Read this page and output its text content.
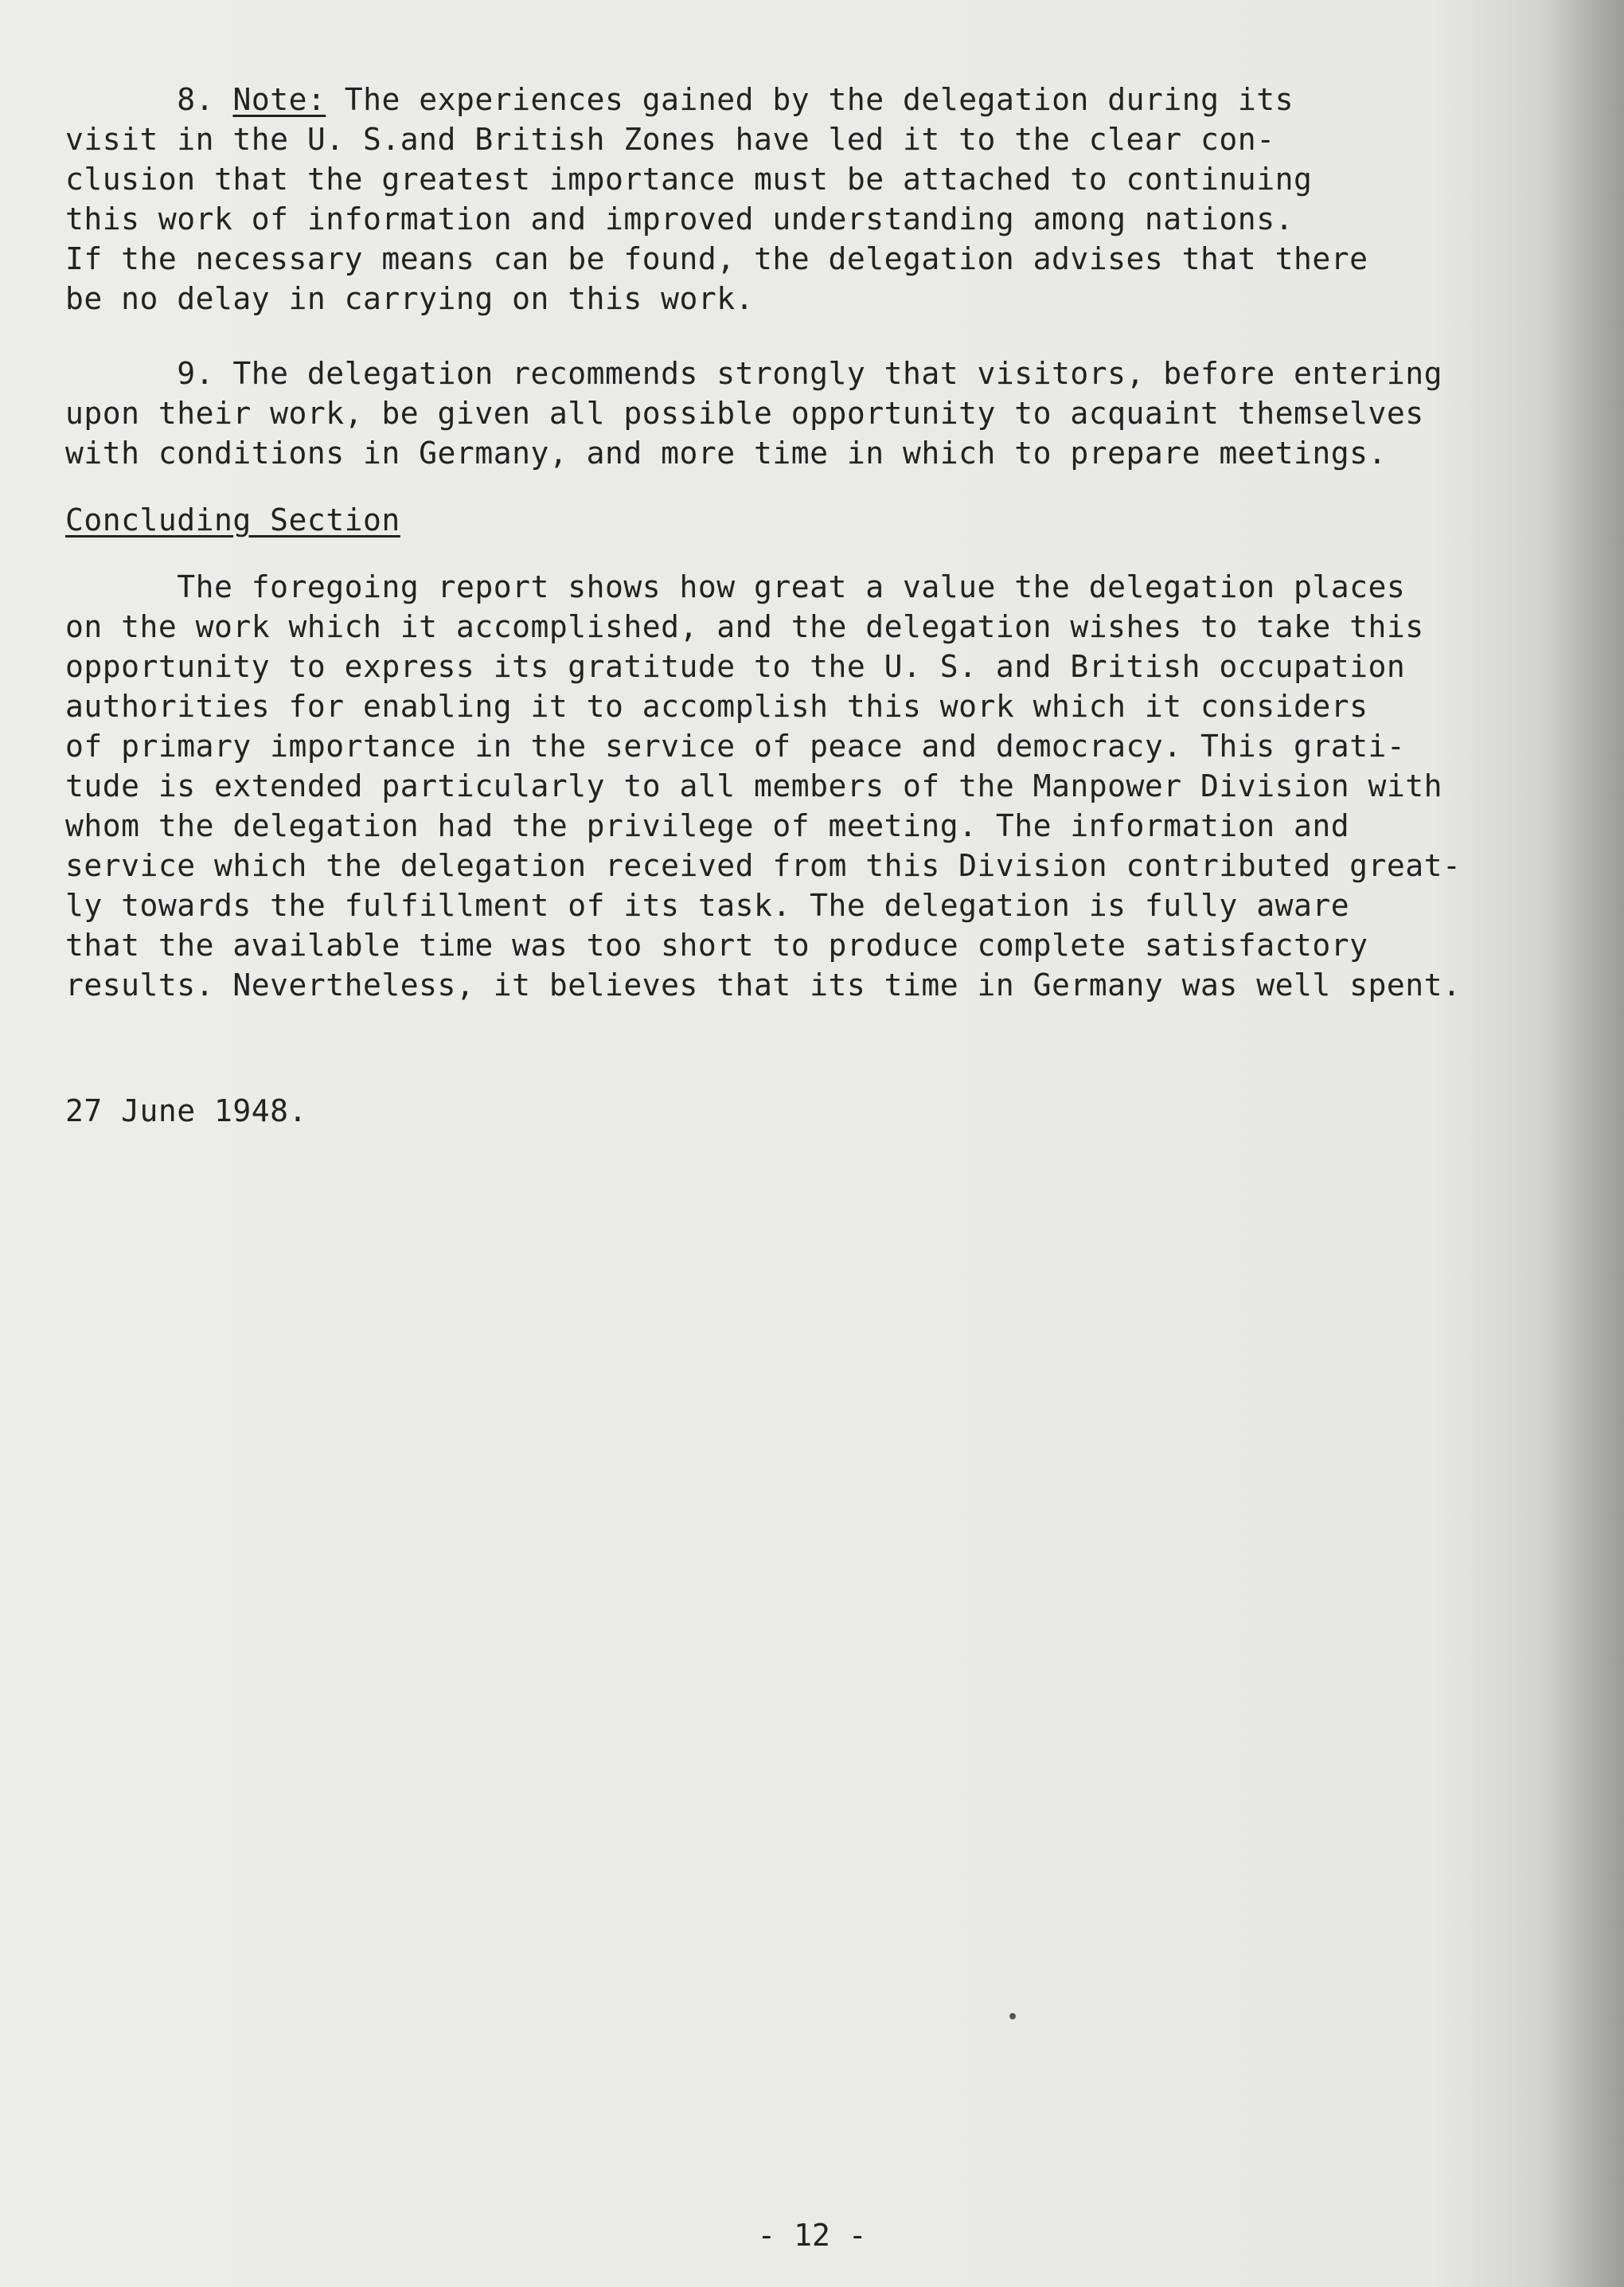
8. Note: The experiences gained by the delegation during its
visit in the U. S.and British Zones have led it to the clear con-
clusion that the greatest importance must be attached to continuing
this work of information and improved understanding among nations.
If the necessary means can be found, the delegation advises that there
be no delay in carrying on this work.
9. The delegation recommends strongly that visitors, before entering
upon their work, be given all possible opportunity to acquaint themselves
with conditions in Germany, and more time in which to prepare meetings.
Concluding Section
The foregoing report shows how great a value the delegation places
on the work which it accomplished, and the delegation wishes to take this
opportunity to express its gratitude to the U. S. and British occupation
authorities for enabling it to accomplish this work which it considers
of primary importance in the service of peace and democracy. This grati-
tude is extended particularly to all members of the Manpower Division with
whom the delegation had the privilege of meeting. The information and
service which the delegation received from this Division contributed great-
ly towards the fulfillment of its task. The delegation is fully aware
that the available time was too short to produce complete satisfactory
results. Nevertheless, it believes that its time in Germany was well spent.
27 June 1948.
- 12 -
